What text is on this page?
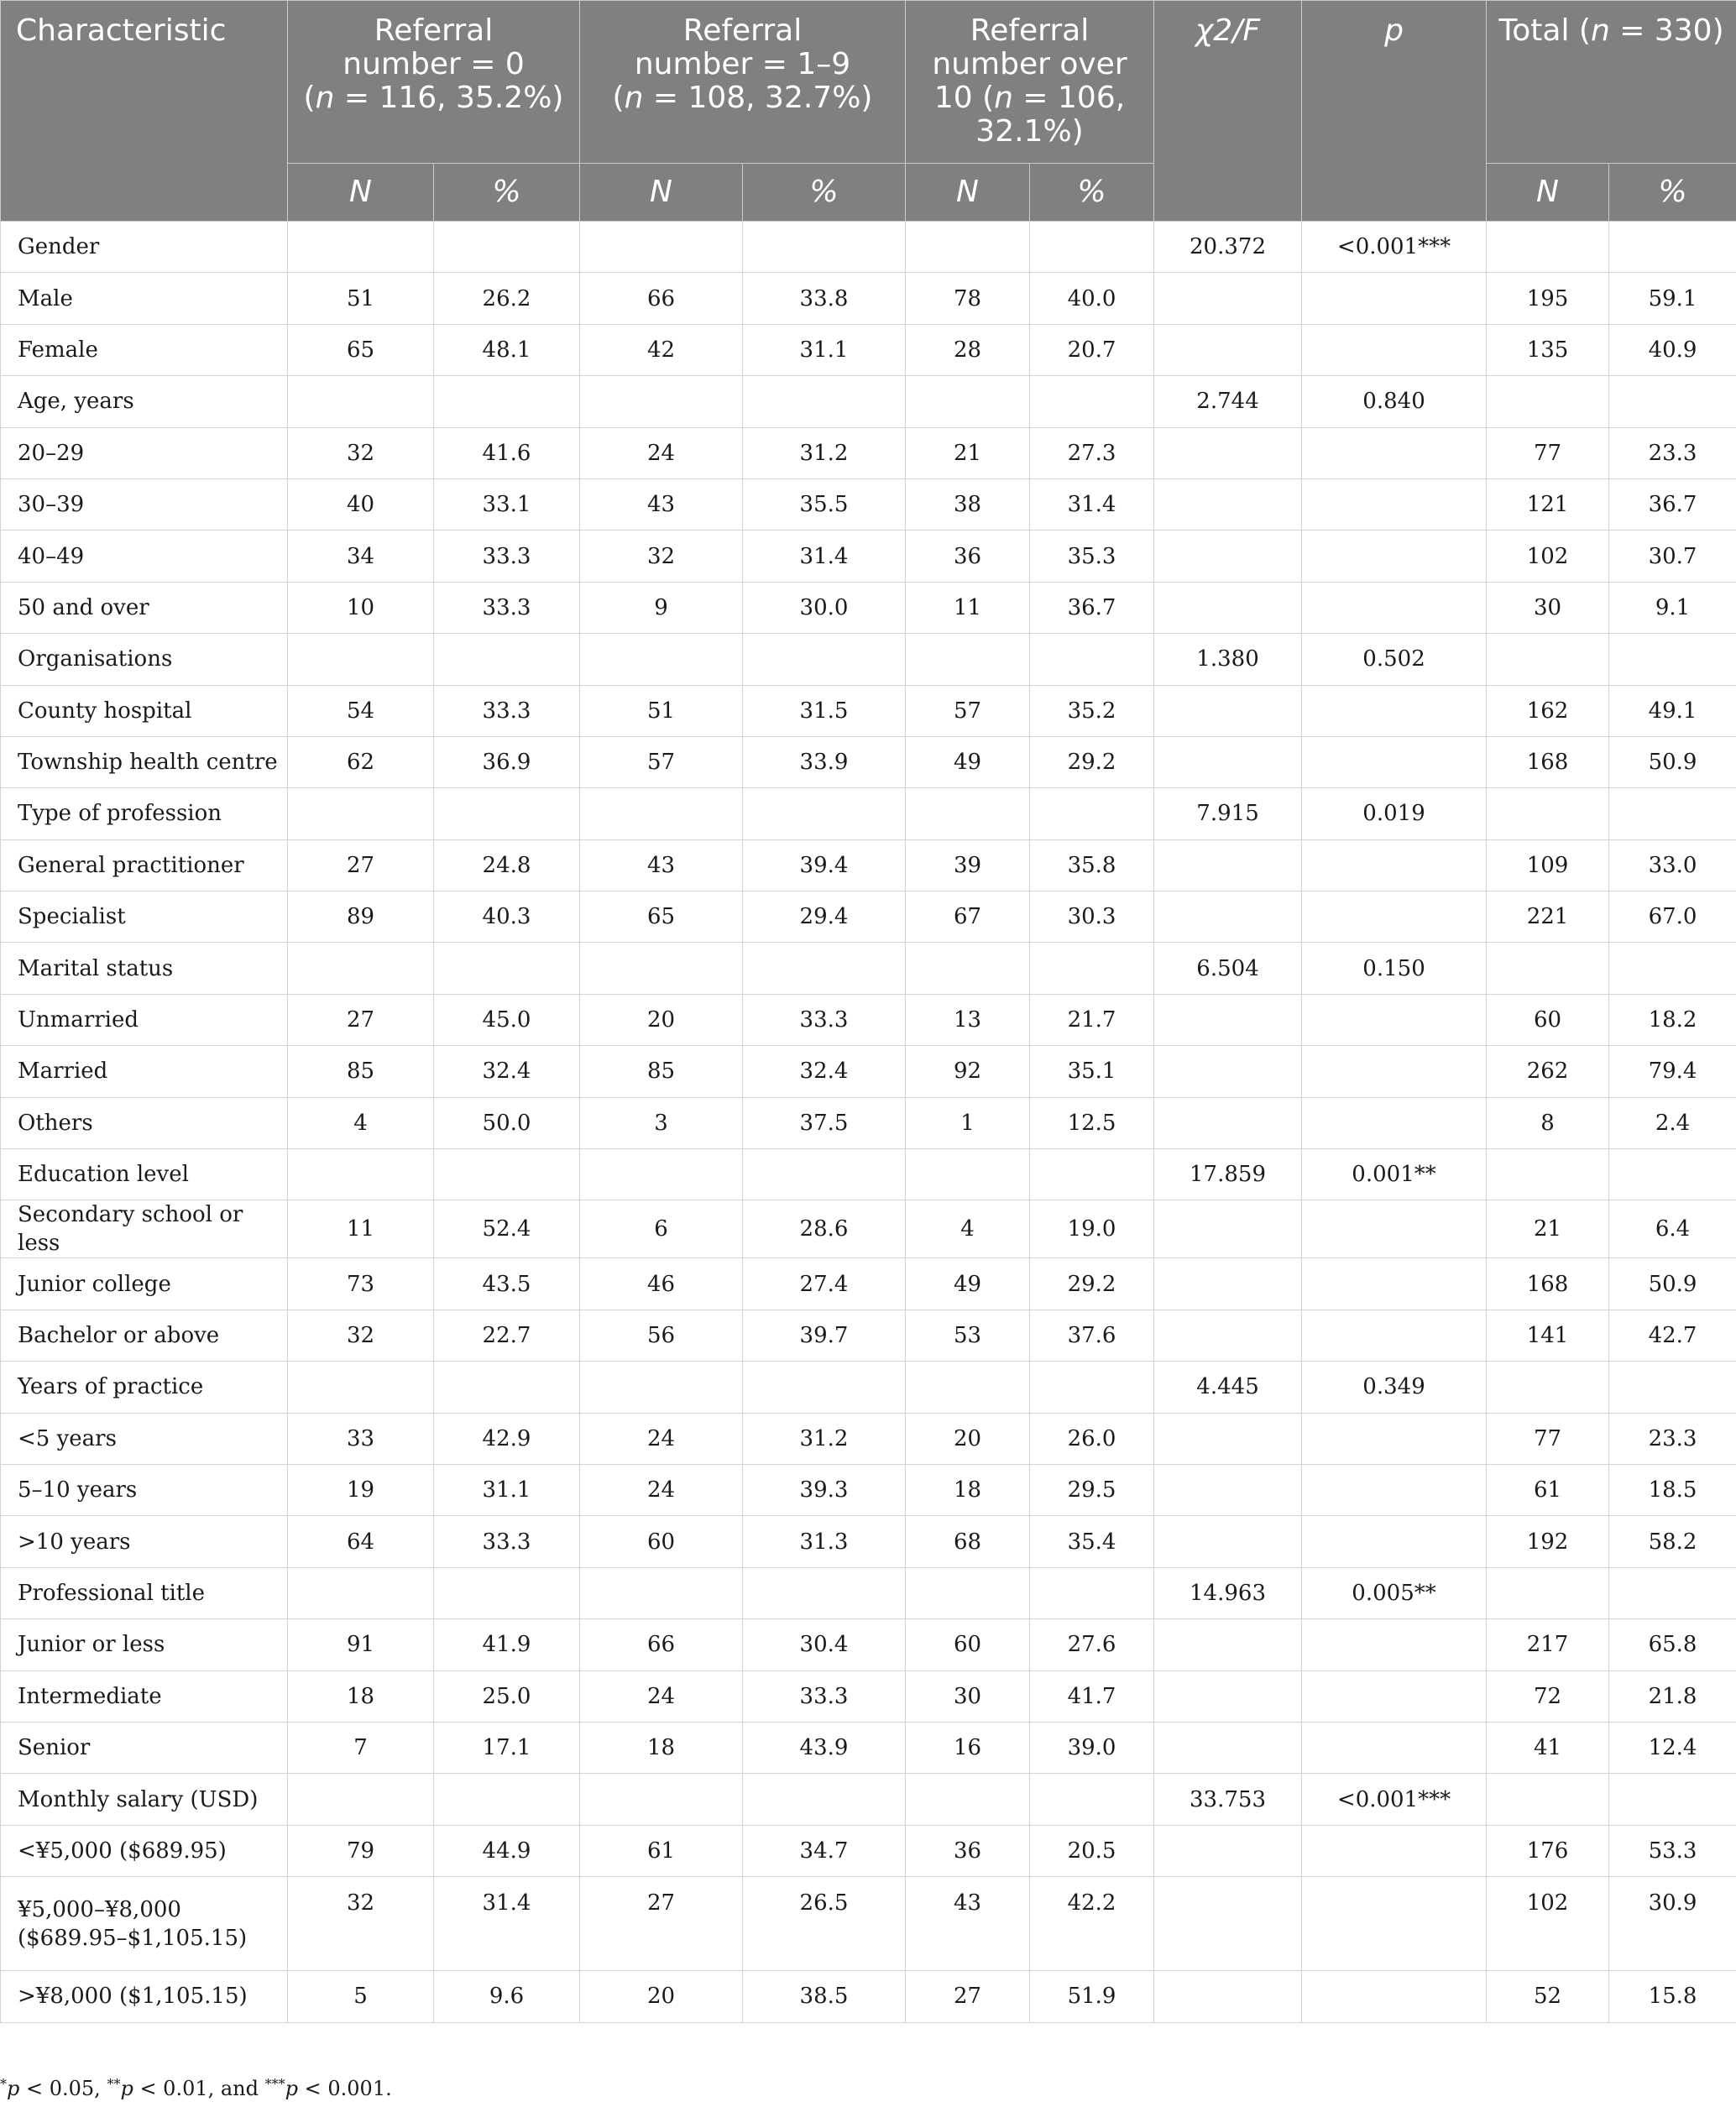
Characteristic	Referral
number = 0
(n = 116, 35.2%)		Referral
number = 1–9
(n = 108, 32.7%)		Referral
number over
10 (n = 106,
32.1%)		χ2/F	p	Total (n = 330)	
	N	%	N	%	N	%			N	%
Gender							20.372	<0.001***		
Male	51	26.2	66	33.8	78	40.0			195	59.1
Female	65	48.1	42	31.1	28	20.7			135	40.9
Age, years							2.744	0.840		
20–29	32	41.6	24	31.2	21	27.3			77	23.3
30–39	40	33.1	43	35.5	38	31.4			121	36.7
40–49	34	33.3	32	31.4	36	35.3			102	30.7
50 and over	10	33.3	9	30.0	11	36.7			30	9.1
Organisations							1.380	0.502		
County hospital	54	33.3	51	31.5	57	35.2			162	49.1
Township health centre	62	36.9	57	33.9	49	29.2			168	50.9
Type of profession							7.915	0.019		
General practitioner	27	24.8	43	39.4	39	35.8			109	33.0
Specialist	89	40.3	65	29.4	67	30.3			221	67.0
Marital status							6.504	0.150		
Unmarried	27	45.0	20	33.3	13	21.7			60	18.2
Married	85	32.4	85	32.4	92	35.1			262	79.4
Others	4	50.0	3	37.5	1	12.5			8	2.4
Education level							17.859	0.001**		
Secondary school or less	11	52.4	6	28.6	4	19.0			21	6.4
Junior college	73	43.5	46	27.4	49	29.2			168	50.9
Bachelor or above	32	22.7	56	39.7	53	37.6			141	42.7
Years of practice							4.445	0.349		
<5 years	33	42.9	24	31.2	20	26.0			77	23.3
5–10 years	19	31.1	24	39.3	18	29.5			61	18.5
>10 years	64	33.3	60	31.3	68	35.4			192	58.2
Professional title							14.963	0.005**		
Junior or less	91	41.9	66	30.4	60	27.6			217	65.8
Intermediate	18	25.0	24	33.3	30	41.7			72	21.8
Senior	7	17.1	18	43.9	16	39.0			41	12.4
Monthly salary (USD)							33.753	<0.001***		
<¥5,000 ($689.95)	79	44.9	61	34.7	36	20.5			176	53.3
¥5,000–¥8,000 ($689.95–$1,105.15)	32	31.4	27	26.5	43	42.2			102	30.9
>¥8,000 ($1,105.15)	5	9.6	20	38.5	27	51.9			52	15.8
*p < 0.05, **p < 0.01, and ***p < 0.001.
